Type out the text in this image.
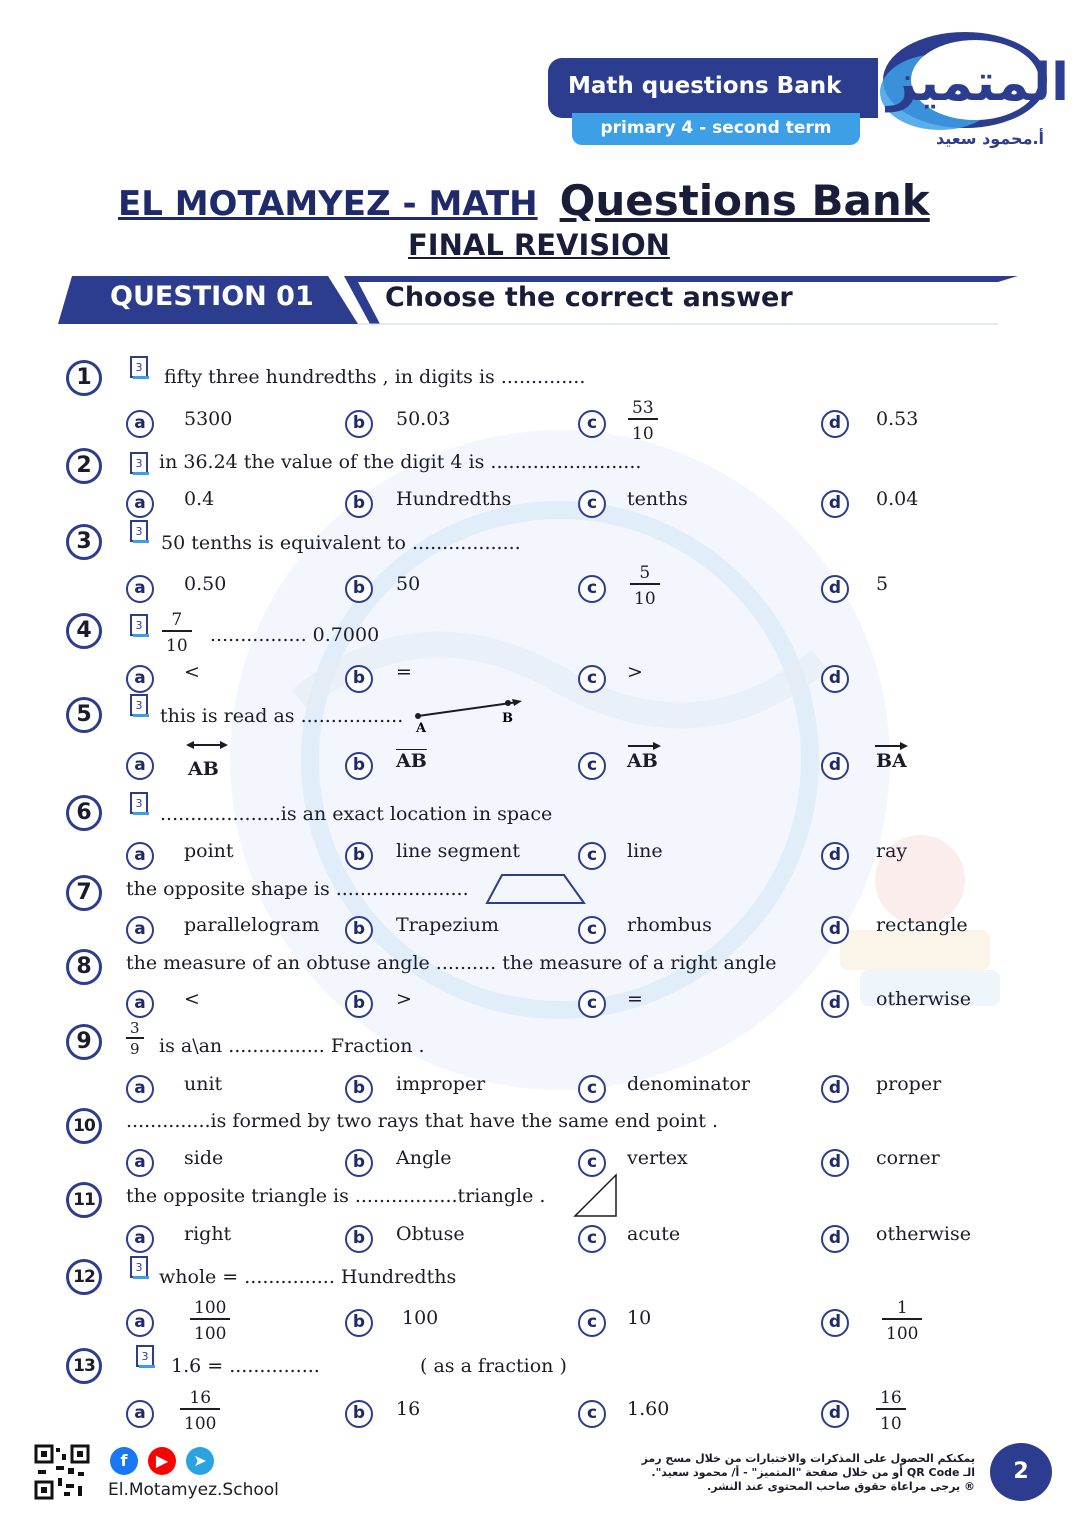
Math questions Bank
primary 4 - second term
المتميز
أ.محمود سعيد
EL MOTAMYEZ - MATH Questions Bank
FINAL REVISION
QUESTION 01	Choose the correct answer
1	3 fifty three hundredths , in digits is ..............
a	5300	b	50.03	c	$\frac{53}{10}$	d	0.53
2	3 in 36.24 the value of the digit 4 is .........................
a	0.4	b	Hundredths	c	tenths	d	0.04
3	3
50 tenths is equivalent to ..................
a	0.50	b	50	c	$\frac{5}{10}$	d	5
4	$3 \frac{7}{10}$ ................ 0.7000
a	<	b	=	c	>	d
5	3 this is read as .................
A
B
a	AB	b	$\overline{AB}$	c	AB	d	BA
6	3 ....................is an exact location in space
a	point	b	line segment	c	line	d	ray
7	the opposite shape is ......................
a	parallelogram	b	Trapezium	c	rhombus	d	rectangle
8	the measure of an obtuse angle .......... the measure of a right angle
a	<	b	>	c	=	d	otherwise
9	$\frac{3}{9}$ is a\an ................ Fraction .
a	unit	b	improper	c	denominator	d	proper
10	..............is formed by two rays that have the same end point .
a	side	b	Angle	c	vertex	d	corner
11	the opposite triangle is .................triangle .
a	right	b	Obtuse	c	acute	d	otherwise
12	3 whole = ............... Hundredths
a	$\frac{100}{100}$	b	100	c	10	d	$\frac{1}{100}$
13	3 1.6 = ...............	( as a fraction )
a	$\frac{16}{100}$	b	16	c	1.60	d	$\frac{16}{10}$
f	▶	➤
El.Motamyez.School
يمكنكم الحصول على المذكرات والاختبارات من خلال مسح رمز
الـ QR Code أو من خلال صفحة "المتميز" - أ/ محمود سعيد".
® يرجى مراعاة حقوق صاحب المحتوى عند النشر.
2
